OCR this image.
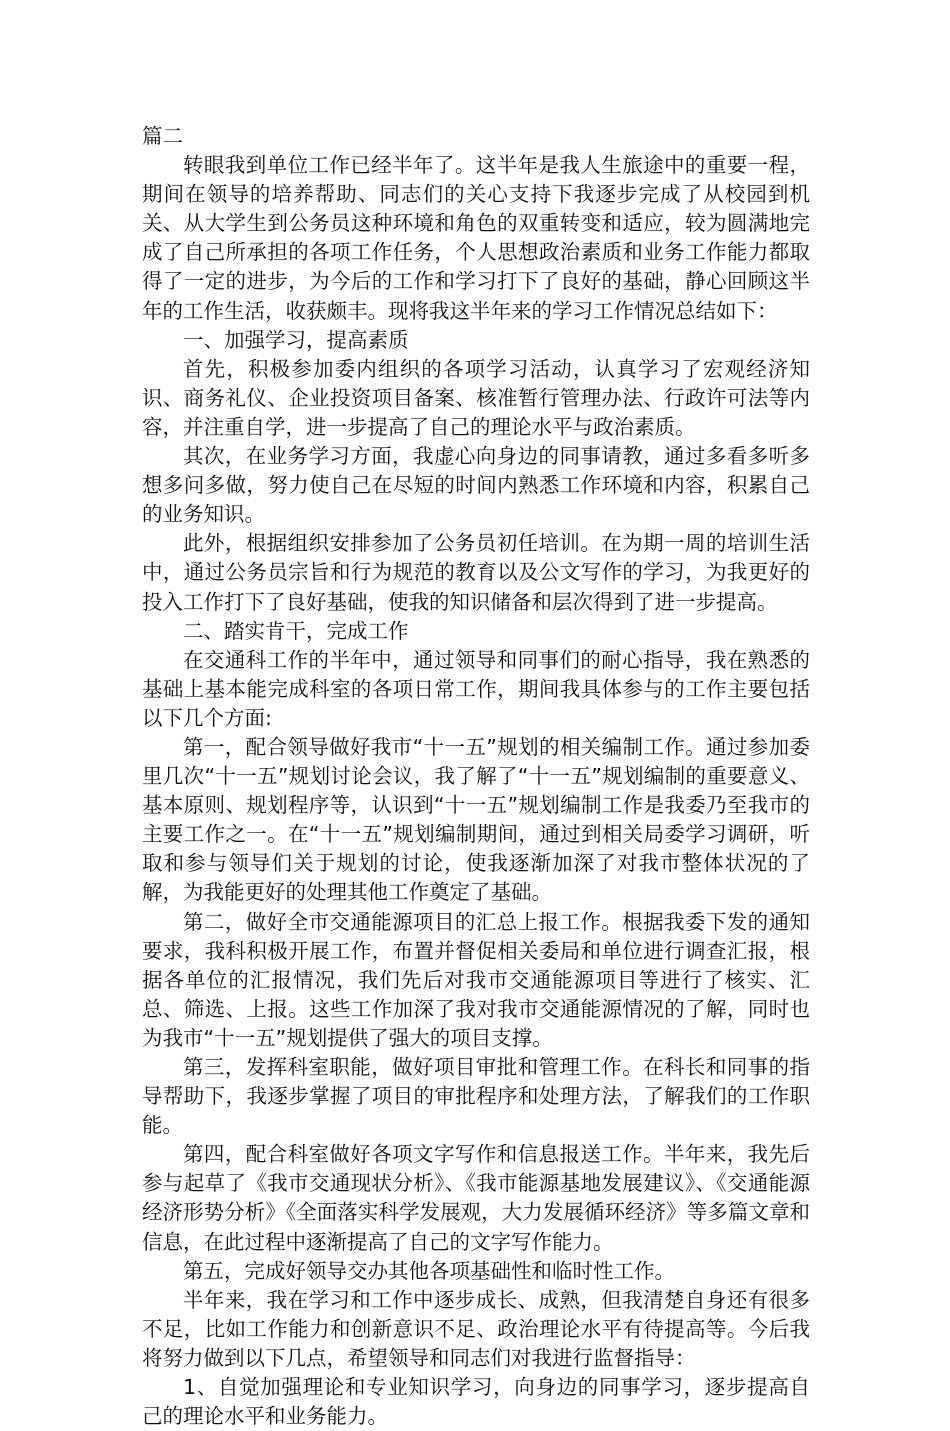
篇二

转眼我到单位工作已经半年了。这半年是我人生旅途中的重要一程，期间在领导的培养帮助、同志们的关心支持下我逐步完成了从校园到机关、从大学生到公务员这种环境和角色的双重转变和适应，较为圆满地完成了自己所承担的各项工作任务，个人思想政治素质和业务工作能力都取得了一定的进步，为今后的工作和学习打下了良好的基础，静心回顾这半年的工作生活，收获颇丰。现将我这半年来的学习工作情况总结如下：

一、加强学习，提高素质

首先，积极参加委内组织的各项学习活动，认真学习了宏观经济知识、商务礼仪、企业投资项目备案、核准暂行管理办法、行政许可法等内容，并注重自学，进一步提高了自己的理论水平与政治素质。

其次，在业务学习方面，我虚心向身边的同事请教，通过多看多听多想多问多做，努力使自己在尽短的时间内熟悉工作环境和内容，积累自己的业务知识。

此外，根据组织安排参加了公务员初任培训。在为期一周的培训生活中，通过公务员宗旨和行为规范的教育以及公文写作的学习，为我更好的投入工作打下了良好基础，使我的知识储备和层次得到了进一步提高。

二、踏实肯干，完成工作

在交通科工作的半年中，通过领导和同事们的耐心指导，我在熟悉的基础上基本能完成科室的各项日常工作，期间我具体参与的工作主要包括以下几个方面:

第一，配合领导做好我市“十一五”规划的相关编制工作。通过参加委里几次“十一五”规划讨论会议，我了解了“十一五”规划编制的重要意义、基本原则、规划程序等，认识到“十一五”规划编制工作是我委乃至我市的主要工作之一。在“十一五”规划编制期间，通过到相关局委学习调研，听取和参与领导们关于规划的讨论，使我逐渐加深了对我市整体状况的了解，为我能更好的处理其他工作奠定了基础。

第二，做好全市交通能源项目的汇总上报工作。根据我委下发的通知要求，我科积极开展工作，布置并督促相关委局和单位进行调查汇报，根据各单位的汇报情况，我们先后对我市交通能源项目等进行了核实、汇总、筛选、上报。这些工作加深了我对我市交通能源情况的了解，同时也为我市“十一五”规划提供了强大的项目支撑。

第三，发挥科室职能，做好项目审批和管理工作。在科长和同事的指导帮助下，我逐步掌握了项目的审批程序和处理方法，了解我们的工作职能。

第四，配合科室做好各项文字写作和信息报送工作。半年来，我先后参与起草了《我市交通现状分析》、《我市能源基地发展建议》、《交通能源经济形势分析》《全面落实科学发展观，大力发展循环经济》等多篇文章和信息，在此过程中逐渐提高了自己的文字写作能力。

第五，完成好领导交办其他各项基础性和临时性工作。

半年来，我在学习和工作中逐步成长、成熟，但我清楚自身还有很多不足，比如工作能力和创新意识不足、政治理论水平有待提高等。今后我将努力做到以下几点，希望领导和同志们对我进行监督指导：

1、自觉加强理论和专业知识学习，向身边的同事学习，逐步提高自己的理论水平和业务能力。
